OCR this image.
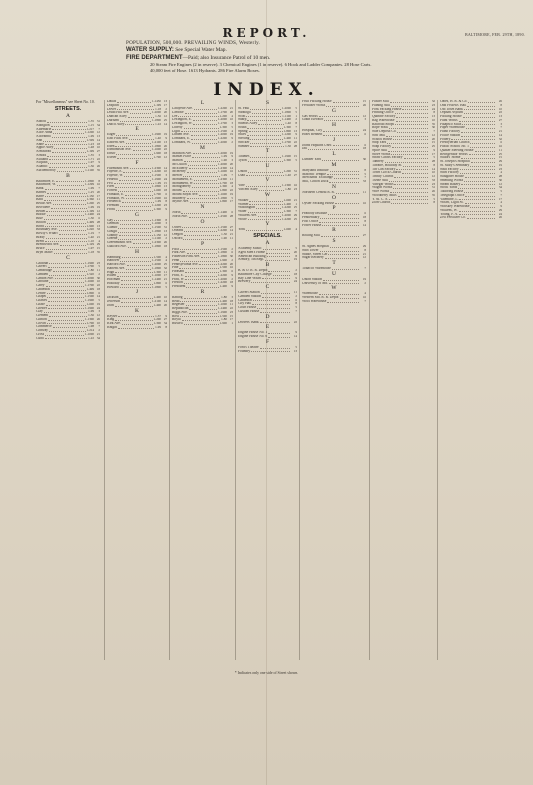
REPORT.	BALTIMORE, FEB. 29TH, 1890.
POPULATION, 500,000. PREVAILING WINDS, Westerly.
WATER SUPPLY: See Special Water Map.
FIRE DEPARTMENT—Paid; also Insurance Patrol of 10 men.
20 Steam Fire Engines (2 in reserve). 3 Chemical Engines (1 in reserve). 6 Hook and Ladder Companies. 28 Hose Carts.
40,000 feet of Hose. 1613 Hydrants. 286 Fire Alarm Boxes.
INDEX.
For "Miscellaneous" see Sheet No. 10.
STREETS.
A
Abbott	1-35 31
Abington	1-15 34
Albemarle	1-217	7
Alice Anna	1-1200 12
Aliceanna	1-99 13
Ann	1-599 14
Anne	1-23 18
Apple Alley	1-48 10
Armistead	1-199 27
Arnold	1-55	3
Ashland	1-71 22
Asquith	1-97	9
Atlantic	1-36 26
Auchentoroly	1-1100 35
B
Baltimore, E.	1-1800	8
Baltimore, W.	1-1299 16
Bank	1-99	7
Barnes	1-25 20
Barre	1-130 17
Bath	1-360 11
Belair Ave.	1-200 25
Belvidere	1-99 19
Bethel	1-199 12
Biddle	1-1400 24
Blue	1-30	6
Bolton	1-499 28
Bond	1-900 13
Boundary Ave.	1-220 33
Bowly's Wharf	1-19	7
Brady	1-40 21
Brent	1-10	4
Brentwood Ave.	1-129 29
Bruce	1-97 15
Bryn Mawr	1-18 35
C
Calhoun	1-1900 23
Calvert	1-1700	5
Cambridge	1-80 11
Camden	1-520	2
Canton Ave.	1-2000 30
Caroline	1-1600 10
Carey	1-1700 22
Cathedral	1-499 18
Centre	1-800	6
Chapel	1-1500 14
Charles	1-1900	5
Chase	1-600 19
Chester	1-1900 24
Clay	1-99	3
Clement	1-36 12
Clinton	1-1300 26
Colvin	1-700 10
Commerce	1-98	7
Conway	1-214	2
Cross	1-1000 21
Cuba	1-22 34
Dallas	1-1450 13
Dolphin	1-199 17
Dover	1-18	2
Druid Hill Ave.	1-2000 20
Duncan Alley	1-56 12
Durham	1-1800 25
Dutch Alley	1-22 14
E
Eager	1-1900 19
East Falls Ave.	1-40	9
Eastern Ave.	1-2100 13
Eden	1-1800 26
Edmondson Ave.	1-1600 22
Ensor	1-900 18
Exeter	1-700 12
F
Fairmount Ave.	1-2300 14
Fayette, E.	1-2200 10
Fayette, W.	1-1500	3
Federal	1-1900 24
Fell	1-99 15
Fleet	1-1800 13
Forrest	1-600 18
Franklin, E.	1-700	6
Franklin, W.	1-1900 16
Frederick	1-99	8
Fremont	1-1200 23
Front	1-300	9
G
Gay	1-1300	8
German	1-1000	3
Gilmor	1-1500 31
Gough	1-1800 13
Granby	1-130 12
Greene	1-1100	2
Greenmount Ave.	1-2300 26
Guilford Ave.	1-1800 18
H
Hamburg	1-500	4
Hanover	1-1500	4
Harford Ave.	1-2000 25
Harlem Ave.	1-1800 32
High	1-300 11
Hillen	1-1000 17
Hoffman	1-1400 21
Holliday	1-800	6
Howard	1-1800	5
J
Jackson	1-400 10
Jefferson	1-2100 14
John	1-400 20
K
Keyser	1-37	9
King	1-200 27
Kirk Ave.	1-300 34
Knight	1-99	8
L
Lafayette Ave.	1-2200 21
Lanvale	1-1700 20
Lee	1-200	4
Lexington, E.	1-2000 10
Lexington, W.	1-1700	3
Liberty	1-300	5
Light	1-1500	4
Linden Ave.	1-2000 19
Lombard, E.	1-2200	9
Lombard, W.	1-2000	2
M
Madison Ave.	1-2000 19
Market Place	1-99	9
Marion	1-90	3
McCulloh	1-2000 20
McElderry	1-2300 14
McHenry	1-1600 16
Mercer	1-99	7
Monument, E.	1-2300 11
Monument, W.	1-700 18
Montgomery	1-300	4
Mount	1-800 22
Mount Royal Ave.	1-1600 19
Mulberry	1-1800	5
Myrtle Ave.	1-800 17
N
North	1-1400	6
North Ave.	1-2500 28
O
Oliver	1-1500 27
Orleans	1-2200 14
Oregon	1-30 21
Oxford	1-90 11
P
Paca	1-1500	2
Park Ave.	1-1800	6
Patterson Park Ave.	1-1800 30
Penn	1-900	2
Pennsylvania Ave.	1-2200 20
Pine	1-500 16
Pleasant	1-300	6
Pratt, E.	1-2200	9
Pratt, W.	1-2000	2
Preston	1-2200 18
President	1-400	9
R
Raborg	1-80	3
Read	1-400 18
Regester	1-1000 11
Republican	1-1400 22
Riggs Ave.	1-1900 23
Ross	1-500 15
Royal	1-80 17
Russell	1-900	1
S
St. Paul	1-2000	5
Saratoga	1-1800	5
Scott	1-1100	1
Sharp	1-1400	2
Shields Alley	1-40	8
South	1-300	7
Spring	1-800 13
Stiles	1-1200	9
Sterling	1-400 11
Stricker	1-1700 22
Sumner	1-30 28
T
Thames	1-1900 15
Tyson	1-300	5
U
Union	1-200 31
Utah	1-40 27
V
Vine	1-1300 16
Vincent Alley	1-80 23
W
Walker	1-600 21
Warner	1-400	1
Washington	1-2200 25
Water	1-300	7
Wilkens Ave.	1-2000 29
Wolfe	1-2200 25
Y
York	1-600	4
SPECIALS.
A
Academy Music	5
Aged Men's Home	20
American Building	8
Armory, 5th Regt.	19
B
B. & O. R. R. Depot	2
Baltimore City College	18
Bay Line Wharf	9
Brewery	24
C
Calvert Station	11
Camden Station	2
Cathedral	6
City Hall	8
Court House	5
Custom House	7
D
Drovers' Bank	22
E
Engine House No. 1	9
Engine House No. 6	14
F
Ford's Theatre	5
Foundry	13
Fruit Packing House	15
Fertilizer Works	26
G
Gas Works	12
Grain Elevator	3
H
Hospital, City	24
Hotel Rennert	6
J
Johns Hopkins Univ.	6
Jail	18
L
Lumber Yard	30
M
Maryland Institute	8
Masonic Temple	5
Merchants' Exchange	7
Mill, Cotton Duck	33
N
Northern Central R. R.	11
O
Oyster Packing House	16
P
Peabody Institute	6
Penitentiary	18
Post Office	8
Power House	14
R
Rolling Mill	27
S
St. Agnes Hospital	29
Shot Tower	8
Stable, Street Car	21
Sugar Refinery	12
T
Tobacco Warehouse	7
U
Union Station	19
University of Md.	2
W
Warehouse	4
Western Md. R. R. Depot	16
Wool Warehouse	7
Plaster Mill	32
Planing Mill	23
Pork Packing House	24
Printing Office	8
Quinine Factory	13
Rag Warehouse	10
Railroad Shops	35
Rope Walk	30
Safe Deposit Co.	7
Saw Mill	12
School House	20
Ship Yard	15
Soap Factory	25
Spice Mill	9
Stove Works	17
Straw Goods Factory	5
Tannery	28
Theatre, Holliday St.	8
Tin Can Factory	14
Town Clock Church	10
Trinity Church	12
Twine Mill	33
Vinegar Works	23
Wagon Works	31
Wire Works	26
Woodberry Mills	35
Y. M. C. A.	5
Zion Church	8
Oates, H. R. & Co.	26
Odd Fellows' Hall	8
Old Town Bank	10
Orphan Asylum	22
Packing House	13
Paint Works	27
Patapsco Mills	3
Paper Warehouse	7
Piano Factory	21
Police Station	14
Pottery	32
Presbyterian Church	6
Public School No. 1	16
Quaker Meeting House	11
Refrigerator Works	25
Sailors' Home	15
St. Joseph's Hospital	29
St. Mary's Seminary	19
Sash Factory	23
Shirt Factory	4
Slaughter House	28
Smelting Works	30
Steam Bakery	12
Stock Yards	34
Tailoring House	5
Telegraph Office	7
Valentine, L.	17
Wharf, Light St.	4
Whiskey Warehouse	9
Wilkens, W.	29
Young, F. A.	24
Zell Fertilizer Co.	26
* Indicates only one side of Street shown.
